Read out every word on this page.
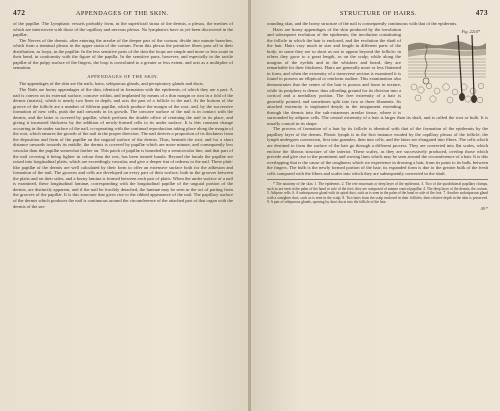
472	APPENDAGES OF THE SKIN.

of the papillæ. The Lymphatic vessels probably form, in the superficial strata of the dermis, a plexus, the meshes of which are interwoven with those of the capillary and nervous plexus. No lymphatics have as yet been discovered in the papillæ.

The Nerves of the dermis, after entering the areolæ of the deeper part of the corium, divide into minute branches, which form a terminal plexus in the upper strata of the corium. From this plexus the primitive fibres pass off to their distribution, as loops, in the papillæ. In the less sensitive parts of the skin the loops are simple and more or less acute in their bend, in conformity with the figure of the papilla. In the sensitive parts, however, and especially in the tactile papillæ of the pulpy surface of the fingers, the loop is convoluted to a greater or less extent, and acts as a multiplier of sensation.

APPENDAGES OF THE SKIN.

The appendages of the skin are the nails, hairs, sebiparous glands, and perspiratory glands and ducts.

The Nails are horny appendages of the skin, identical in formation with the epidermis, of which they are a part. A nail is convex on its external surface, concave within, and implanted by means of a thin margin or root in a fold of the dermis (matrix), which is nearly two lines in depth, and acts the part of a follicle to the nail. At the bottom of the groove of the follicle are a number of filiform papillæ, which produce the margin of the root, and, by the successive formation of new cells, push the nail onwards in its growth. The concave surface of the nail is in contact with the dermis, and the latter is covered by papillæ, which perform the double office of retaining the nail in its place, and giving it increased thickness by the addition of newly-formed cells to its under surface. It is this constant change occurring in the under surface of the nail, co-operating with the continual reproduction taking place along the margin of the root, which ensures the growth of the nail in the proper direction. The nail derives a proportion of its thickness from the deposition and form of the papillæ on the unguial surface of the dermis. Thus, beneath the root, and for a short distance onwards towards its middle, the dermis is covered by papillæ which are more minute, and consequently less vascular than the papillæ somewhat farther on. This patch of papillæ is bounded by a semicircular line, and that part of the nail covering it being lighter in colour than the rest, has been termed lunula. Beyond the lunula the papillæ are raised into longitudinal plaits, which are exceedingly vascular, and give a deeper tint of redness to the nail. These plait-like papillæ of the dermis are well calculated by their form to offer an extensive surface both for the adhesion and formation of the nail. The grooves and cells are developed on every part of their surface, both in the grooves between the plaits and on their sides, and a horny lamina is formed between each pair of plaits. When the under surface of a nail is examined, these longitudinal laminæ, corresponding with the longitudinal papillæ of the unguial portion of the dermis, are distinctly apparent, and if the nail be forcibly detached, the laminæ may be seen in the act of parting from the grooves of the papillæ. It is this structure that gives rise to the ribbed appearance of the nail. The papillary surface of the dermis which produces the nail is continuous around the circumference of the attached part of that organ with the dermis of the sur-

STRUCTURE OF HAIRS.	473

rounding skin, and the horny structure of the nail is consequently continuous with that of the epidermis.

Fig. 2214*

Hairs are horny appendages of the skin produced by the involution and subsequent evolution of the epidermis; the involution constituting the follicle in which the hair is enclosed, and the evolution the shaft of the hair. Hairs vary much in size and length in different parts of the body; in some they are so short as not to appear beyond the follicle; in others they grow to a great length, as on the scalp; while along the margins of the eyelids and in the whiskers and beard, they are remarkable for their thickness. Hairs are generally more or less flattened in form, and when the extremity of a transverse section is examined it is found to possess an elliptical or reniform outline. This examination also demonstrates that the centre of the hair is porous and loose in texture, while its periphery is dense; thus affording ground for its division into a cortical and a medullary portion. The free extremity of a hair is generally pointed, and sometimes split into two or three filaments. Its attached extremity is implanted deeply in the integument extending through the dermis into the sub-cutaneous areolar tissue, where it is surrounded by adipose cells. The central extremity of a hair is larger than its shaft, and is called the root or bulb. It is usually conical in its shape.

The process of formation of a hair by its follicle is identical with that of the formation of the epidermis by the papillary layer of the dermis. Plastic lymph is in the first instance exuded by the capillary plexus of the follicle, the lymph undergoes conversion, first into granules, then into cells, and the latter are elongated into fibres. The cells which are destined to form the surface of the hair go through a different process. They are converted into flat scales, which enclose the fibrous structure of the interior. These scales, as they are successively produced, overlap those which precede and give rise to the prominent and waving lines which may be seen around the circumference of a hair. It is this overlapping that is the cause of the roughness which we experience in drawing a hair, from its point to its bulb, between the fingers. The bulb is the newly formed portion of the hair; its expanded form is due to the greater bulk of the fresh cells compared with the fibres and scales into which they are subsequently converted in the shaft.

* The anatomy of the skin. 1. The epidermis. 2. The rete mucosum or deep layer of the epidermis. 3. Two of the quadrilateral papillary clumps, such as are seen in the palm of the hand or sole of the foot; they are composed of minute conical papillæ. 4. The deep layer of the dermis, the corium. 5. Adipose cells. 6. A sudoriparous gland with its spiral duct, such as is seen in the palm of the hand or sole of the foot. 7. Another sudoriparous gland with a straighter duct, such as is seen in the scalp. 8. Two hairs from the scalp enclosed in their follicles; their relative depth in the skin is preserved. 9. A pair of sebiparous glands, opening by short ducts into the follicle of the hair.

49 *
